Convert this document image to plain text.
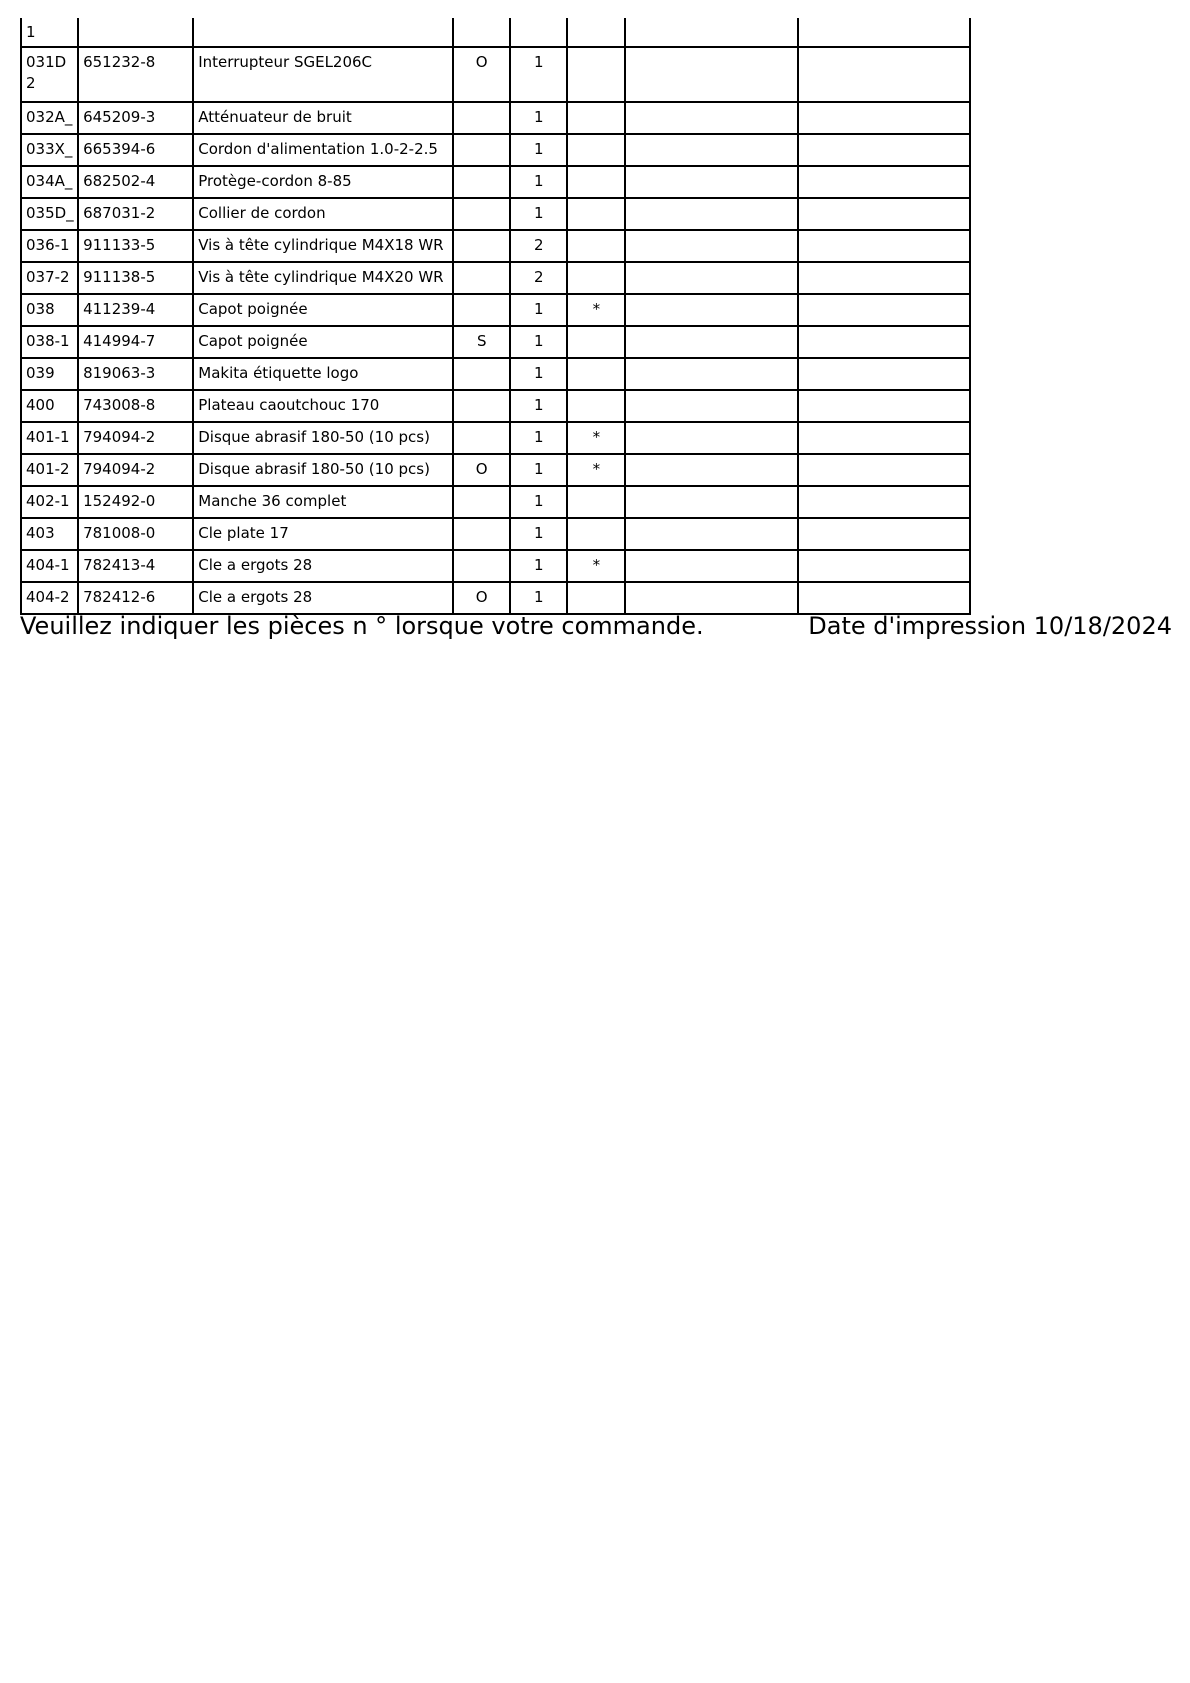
1							
031D 2	651232-8	Interrupteur SGEL206C	O	1			
032A_	645209-3	Atténuateur de bruit		1			
033X_	665394-6	Cordon d'alimentation 1.0-2-2.5		1			
034A_	682502-4	Protège-cordon 8-85		1			
035D_	687031-2	Collier de cordon		1			
036-1	911133-5	Vis à tête cylindrique M4X18 WR		2			
037-2	911138-5	Vis à tête cylindrique M4X20 WR		2			
038	411239-4	Capot poignée		1	*		
038-1	414994-7	Capot poignée	S	1			
039	819063-3	Makita étiquette logo		1			
400	743008-8	Plateau caoutchouc 170		1			
401-1	794094-2	Disque abrasif 180-50 (10 pcs)		1	*		
401-2	794094-2	Disque abrasif 180-50 (10 pcs)	O	1	*		
402-1	152492-0	Manche 36 complet		1			
403	781008-0	Cle plate 17		1			
404-1	782413-4	Cle a ergots 28		1	*		
404-2	782412-6	Cle a ergots 28	O	1			
Veuillez indiquer les pièces n ° lorsque votre commande.	Date d'impression 10/18/2024
